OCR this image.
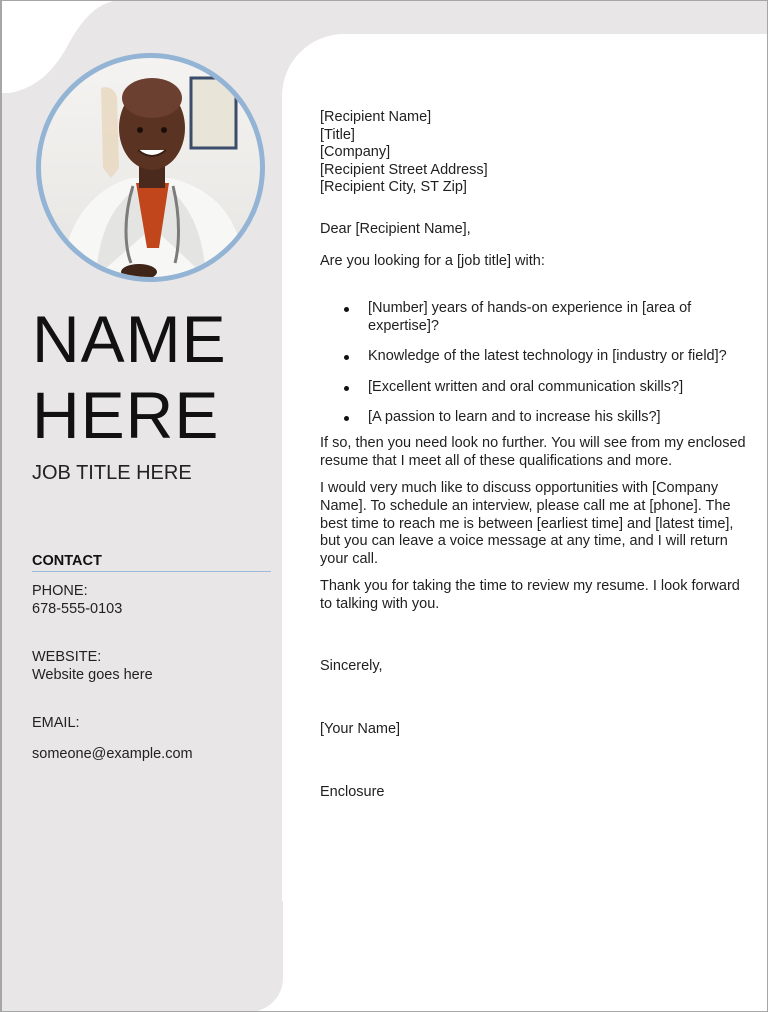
NAME
HERE
JOB TITLE HERE
CONTACT
PHONE:
678-555-0103
WEBSITE:
Website goes here
EMAIL:
someone@example.com
[Recipient Name]
[Title]
[Company]
[Recipient Street Address]
[Recipient City, ST Zip]

Dear [Recipient Name],

Are you looking for a [job title] with:

[Number] years of hands-on experience in [area of expertise]?
Knowledge of the latest technology in [industry or field]?
[Excellent written and oral communication skills?]
[A passion to learn and to increase his skills?]

If so, then you need look no further. You will see from my enclosed resume that I meet all of these qualifications and more.

I would very much like to discuss opportunities with [Company Name]. To schedule an interview, please call me at [phone]. The best time to reach me is between [earliest time] and [latest time], but you can leave a voice message at any time, and I will return your call.

Thank you for taking the time to review my resume. I look forward to talking with you.

Sincerely,

[Your Name]

Enclosure
